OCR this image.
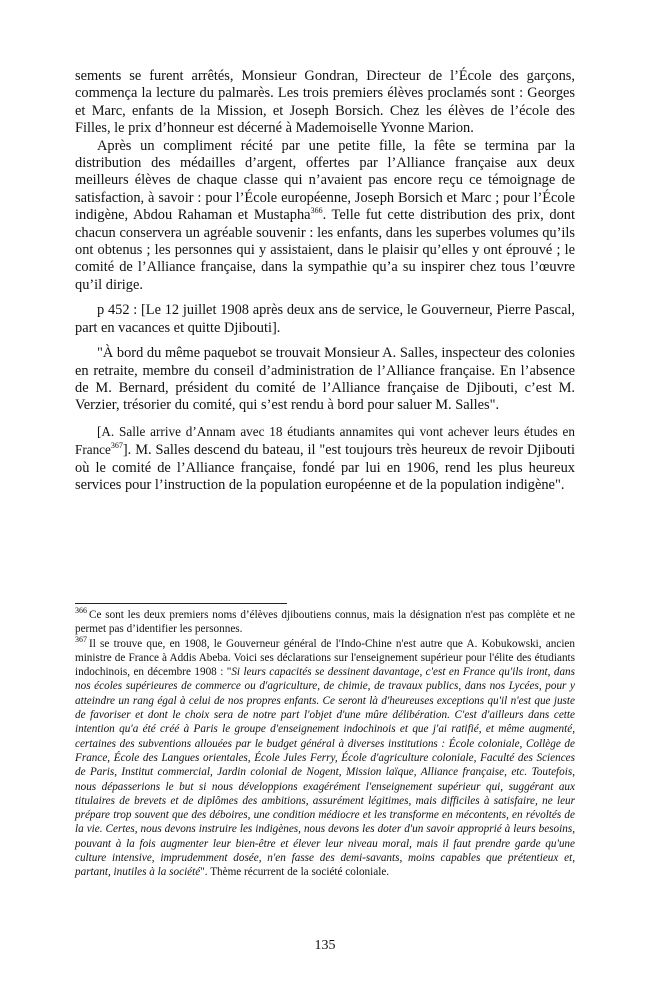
sements se furent arrêtés, Monsieur Gondran, Directeur de l’École des garçons, commença la lecture du palmarès. Les trois premiers élèves proclamés sont : Georges et Marc, enfants de la Mission, et Joseph Borsich. Chez les élèves de l’école des Filles, le prix d’honneur est décerné à Mademoiselle Yvonne Marion.

Après un compliment récité par une petite fille, la fête se termina par la distribution des médailles d’argent, offertes par l’Alliance française aux deux meilleurs élèves de chaque classe qui n’avaient pas encore reçu ce témoignage de satisfaction, à savoir : pour l’École européenne, Joseph Borsich et Marc ; pour l’École indigène, Abdou Rahaman et Mustapha$^{366}$. Telle fut cette distribution des prix, dont chacun conservera un agréable souvenir : les enfants, dans les superbes volumes qu’ils ont obtenus ; les personnes qui y assistaient, dans le plaisir qu’elles y ont éprouvé ; le comité de l’Alliance française, dans la sympathie qu’a su inspirer chez tous l’œuvre qu’il dirige.

p 452 : [Le 12 juillet 1908 après deux ans de service, le Gouverneur, Pierre Pascal, part en vacances et quitte Djibouti].

"À bord du même paquebot se trouvait Monsieur A. Salles, inspecteur des colonies en retraite, membre du conseil d’administration de l’Alliance française. En l’absence de M. Bernard, président du comité de l’Alliance française de Djibouti, c’est M. Verzier, trésorier du comité, qui s’est rendu à bord pour saluer M. Salles".

[A. Salle arrive d’Annam avec 18 étudiants annamites qui vont achever leurs études en France$^{367}$]. M. Salles descend du bateau, il "est toujours très heureux de revoir Djibouti où le comité de l’Alliance française, fondé par lui en 1906, rend les plus heureux services pour l’instruction de la population européenne et de la population indigène".

$^{366}$ Ce sont les deux premiers noms d’élèves djiboutiens connus, mais la désignation n'est pas complète et ne permet pas d’identifier les personnes.

$^{367}$ Il se trouve que, en 1908, le Gouverneur général de l'Indo-Chine n'est autre que A. Kobukowski, ancien ministre de France à Addis Abeba. Voici ses déclarations sur l'enseignement supérieur pour l'élite des étudiants indochinois, en décembre 1908 : "Si leurs capacités se dessinent davantage, c'est en France qu'ils iront, dans nos écoles supérieures de commerce ou d'agriculture, de chimie, de travaux publics, dans nos Lycées, pour y atteindre un rang égal à celui de nos propres enfants. Ce seront là d'heureuses exceptions qu'il n'est que juste de favoriser et dont le choix sera de notre part l'objet d'une mûre délibération. C'est d'ailleurs dans cette intention qu'a été créé à Paris le groupe d'enseignement indochinois et que j'ai ratifié, et même augmenté, certaines des subventions allouées par le budget général à diverses institutions : École coloniale, Collège de France, École des Langues orientales, École Jules Ferry, École d'agriculture coloniale, Faculté des Sciences de Paris, Institut commercial, Jardin colonial de Nogent, Mission laïque, Alliance française, etc. Toutefois, nous dépasserions le but si nous développions exagérément l'enseignement supérieur qui, suggérant aux titulaires de brevets et de diplômes des ambitions, assurément légitimes, mais difficiles à satisfaire, ne leur prépare trop souvent que des déboires, une condition médiocre et les transforme en mécontents, en révoltés de la vie. Certes, nous devons instruire les indigènes, nous devons les doter d'un savoir approprié à leurs besoins, pouvant à la fois augmenter leur bien-être et élever leur niveau moral, mais il faut prendre garde qu'une culture intensive, imprudemment dosée, n'en fasse des demi-savants, moins capables que prétentieux et, partant, inutiles à la société". Thème récurrent de la société coloniale.

135
